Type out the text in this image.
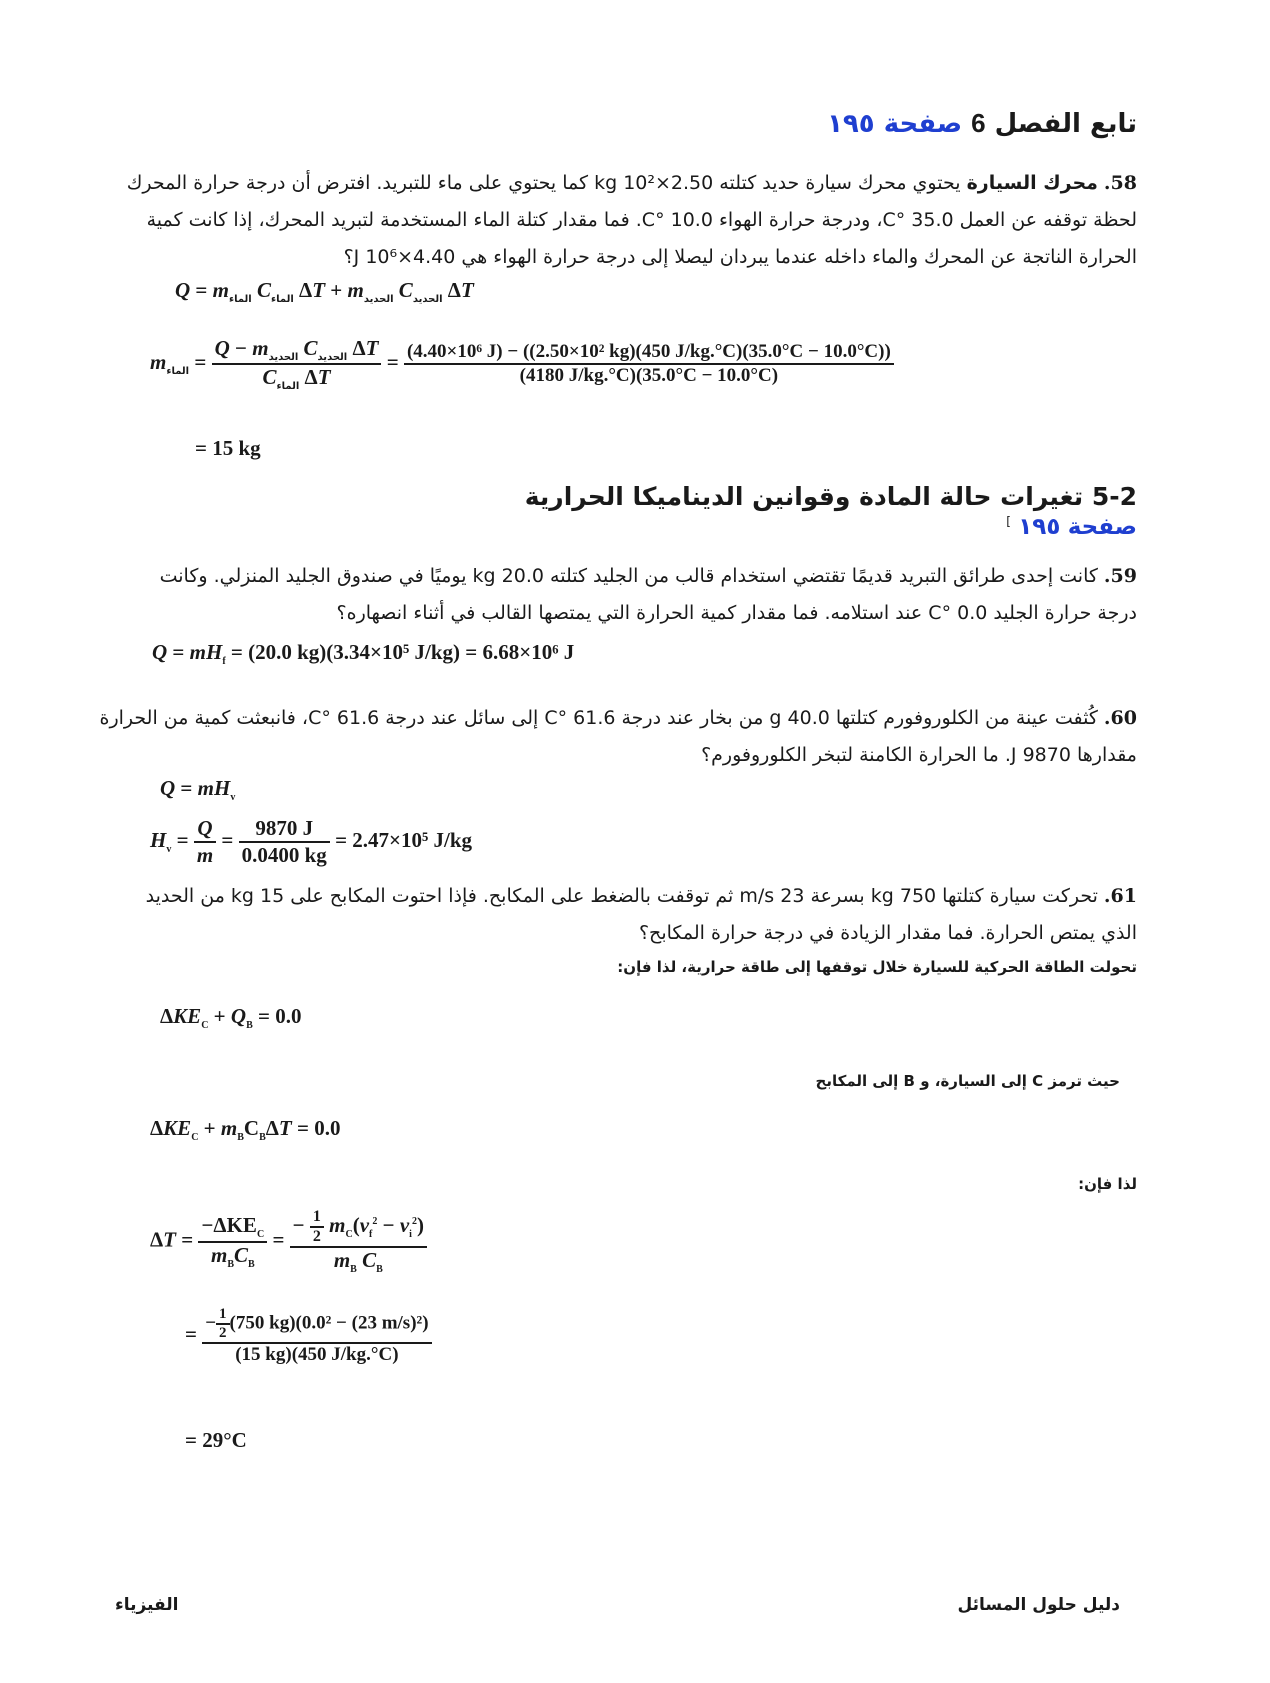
تابع الفصل 6 صفحة ١٩٥
58.
محرك السيارة يحتوي محرك سيارة حديد كتلته 2.50×10² kg كما يحتوي على ماء للتبريد. افترض أن درجة حرارة المحرك
لحظة توقفه عن العمل 35.0 °C، ودرجة حرارة الهواء 10.0 °C. فما مقدار كتلة الماء المستخدمة لتبريد المحرك، إذا كانت كمية
الحرارة الناتجة عن المحرك والماء داخله عندما يبردان ليصلا إلى درجة حرارة الهواء هي 4.40×10⁶ J؟
$Q = m_{الماء}$ $C_{الماء}$ $\Delta T + m_{الحديد}$ $C_{الحديد}$ ΔT
$m_{الماء} = \frac{Q - m_{الحديد} C_{الحديد} \Delta T}{C_{الماء} \Delta T} = \frac{\text{(4.40×10⁶ J) − ((2.50×10² kg)(450 J/kg.°C)(35.0°C − 10.0°C))}}{(4180 J/kg.^\circ C)(35.0^\circ C - 10.0^\circ C)}$
= 15 kg
5-2 تغيرات حالة المادة وقوانين الديناميكا الحرارية
صفحة ١٩٥ ]
59.
كانت إحدى طرائق التبريد قديمًا تقتضي استخدام قالب من الجليد كتلته 20.0 kg يوميًا في صندوق الجليد المنزلي. وكانت
درجة حرارة الجليد 0.0 °C عند استلامه. فما مقدار كمية الحرارة التي يمتصها القالب في أثناء انصهاره؟
$Q = mH_f = (20.0$ kg)(3.34×10⁵ J/kg) = 6.68×10⁶ J
60.
كُثفت عينة من الكلوروفورم كتلتها 40.0 g من بخار عند درجة 61.6 °C إلى سائل عند درجة 61.6 °C، فانبعثت كمية من الحرارة
مقدارها 9870 J. ما الحرارة الكامنة لتبخر الكلوروفورم؟
$Q = mH_v$
$H_v = \frac{Q}{m} = \frac{9870 J}{0.0400 kg} = 2.47\times 10^5$ J/kg
61.
تحركت سيارة كتلتها 750 kg بسرعة 23 m/s ثم توقفت بالضغط على المكابح. فإذا احتوت المكابح على 15 kg من الحديد
الذي يمتص الحرارة. فما مقدار الزيادة في درجة حرارة المكابح؟
تحولت الطاقة الحركية للسيارة خلال توقفها إلى طاقة حرارية، لذا فإن:
$\Delta KE_C + Q_B = 0.0$
حيث ترمز C إلى السيارة، و B إلى المكابح
$\Delta KE_C + m_BC_B\Delta T = 0.0$
لذا فإن:
$\Delta T = \frac{-\Delta KE_C}{m_BC_B} = \frac{- \frac{1}{2} m_C(v_f^2 - v_i^2)}{m_B C_B}$
= $\frac{- \frac{1}{2} (750 kg)(0.0^2 - (23 m/s)^2)}{(15 kg)(450 J/kg.^\circ C)}$
= 29°C
الفيزياء	دليل حلول المسائل
